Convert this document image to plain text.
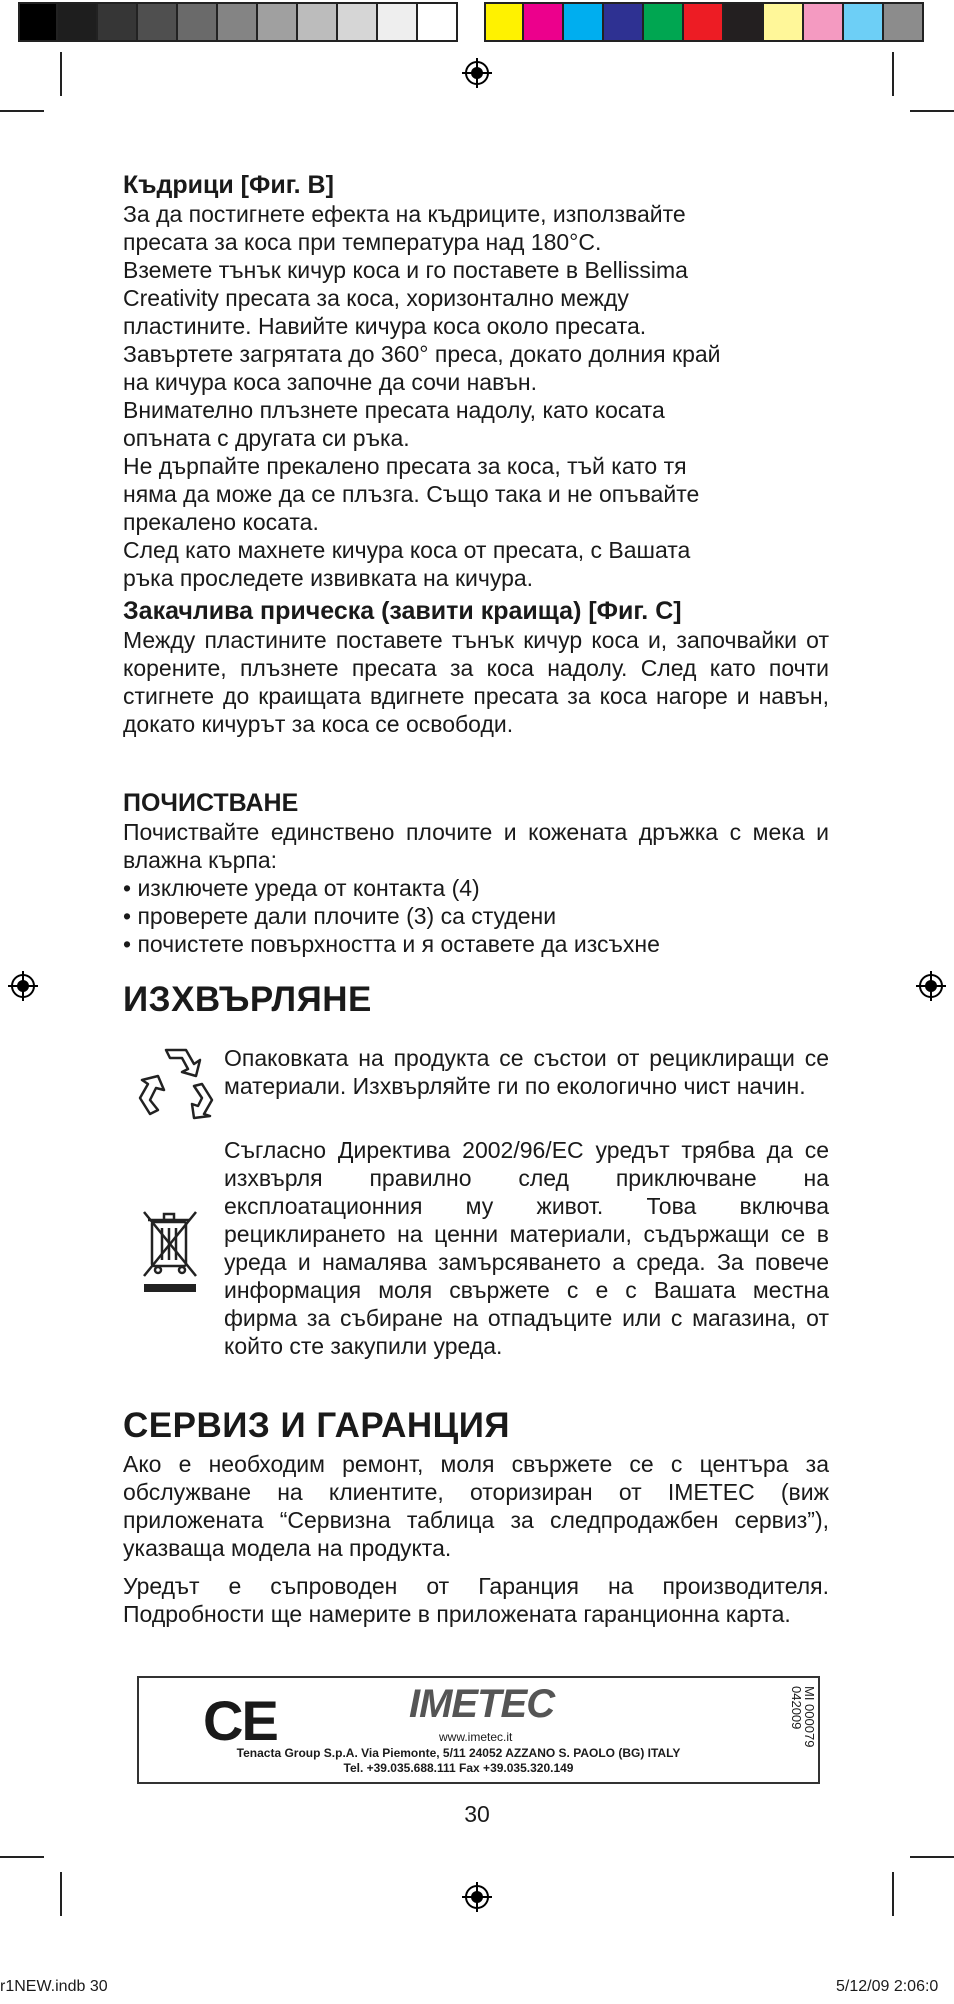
Къдрици [Фиг. B]
За да постигнете ефекта на къдриците, използвайте
пресата за коса при температура над 180°C.
Вземете тънък кичур коса и го поставете в Bellissima
Creativity пресата за коса, хоризонтално между
пластините. Навийте кичура коса около пресата.
Завъртете загрятата до 360° преса, докато долния край
на кичура коса започне да сочи навън.
Внимателно плъзнете пресата надолу, като косата
опъната с другата си ръка.
Не дърпайте прекалено пресата за коса, тъй като тя
няма да може да се плъзга. Също така и не опъвайте
прекалено косата.
След като махнете кичура коса от пресата, с Вашата
ръка проследете извивката на кичура.
Закачлива прическа (завити краища) [Фиг. C]

Между пластините поставете тънък кичур коса и, започвайки от корените, плъзнете пресата за коса надолу. След като почти стигнете до краищата вдигнете пресата за коса нагоре и навън, докато кичурът за коса се освободи.

ПОЧИСТВАНЕ

Почиствайте единствено плочите и кожената дръжка с мека и влажна кърпа:

• изключете уреда от контакта (4)
• проверете дали плочите (3) са студени
• почистете повърхността и я оставете да изсъхне
ИЗХВЪРЛЯНЕ

Опаковката на продукта се състои от рециклиращи се материали. Изхвърляйте ги по екологично чист начин.

Съгласно Директива 2002/96/EC уредът трябва да се изхвърля правилно след приключване на експлоатационния му живот. Това включва рециклирането на ценни материали, съдържащи се в уреда и намалява замърсяването а среда. За повече информация моля свържете с е с Вашата местна фирма за събиране на отпадъците или с магазина, от който сте закупили уреда.

СЕРВИЗ И ГАРАНЦИЯ

Ако е необходим ремонт, моля свържете се с центъра за обслужване на клиентите, оторизиран от IMETEC (виж приложената “Сервизна таблица за следпродажбен сервиз”), указваща модела на продукта.

Уредът е съпроводен от Гаранция на производителя. Подробности ще намерите в приложената гаранционна карта.

CE	IMETEC
www.imetec.it
Tenacta Group S.p.A. Via Piemonte, 5/11 24052 AZZANO S. PAOLO (BG) ITALY
Tel. +39.035.688.111 Fax +39.035.320.149
MI 000079 042009
30
r1NEW.indb 30	5/12/09 2:06:0
